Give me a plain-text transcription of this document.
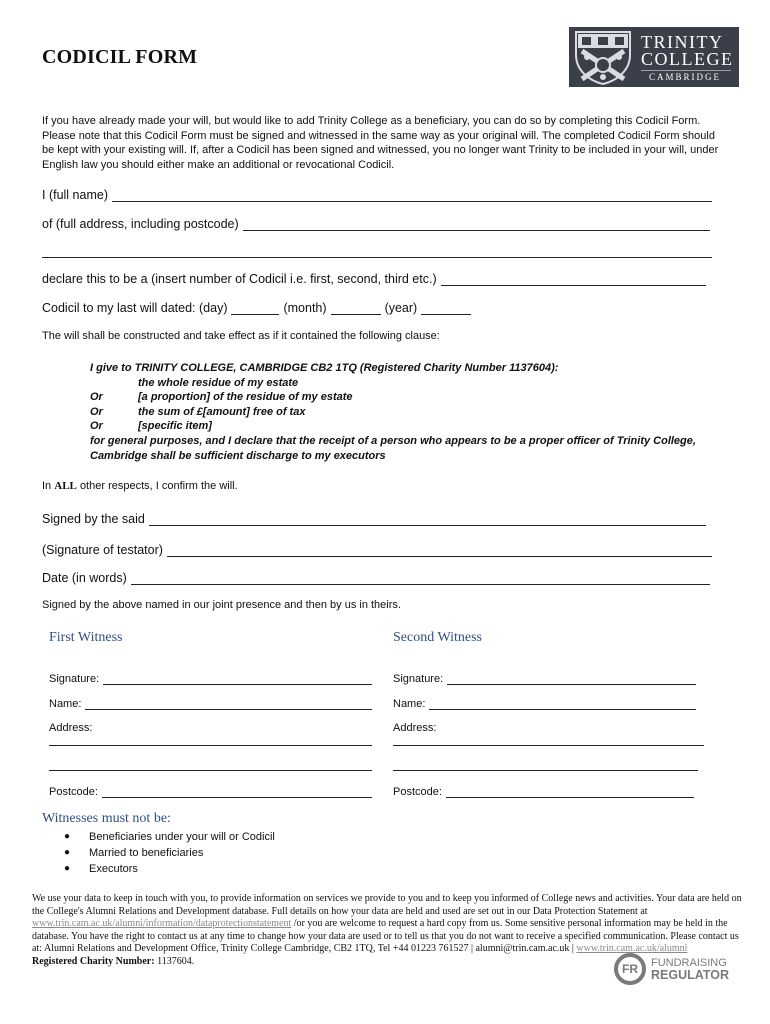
CODICIL FORM
TRINITY
COLLEGE
CAMBRIDGE
If you have already made your will, but would like to add Trinity College as a beneficiary, you can do so by completing this Codicil Form. Please note that this Codicil Form must be signed and witnessed in the same way as your original will. The completed Codicil Form should be kept with your existing will. If, after a Codicil has been signed and witnessed, you no longer want Trinity to be included in your will, under English law you should either make an additional or revocational Codicil.
I (full name)
of (full address, including postcode)
declare this to be a (insert number of Codicil i.e. first, second, third etc.)
Codicil to my last will dated: (day)	(month)	(year)
The will shall be constructed and take effect as if it contained the following clause:
I give to TRINITY COLLEGE, CAMBRIDGE CB2 1TQ (Registered Charity Number 1137604):
the whole residue of my estate
Or	[a proportion] of the residue of my estate
Or	the sum of £[amount] free of tax
Or	[specific item]
for general purposes, and I declare that the receipt of a person who appears to be a proper officer of Trinity College, Cambridge shall be sufficient discharge to my executors
In ALL other respects, I confirm the will.
Signed by the said
(Signature of testator)
Date (in words)
Signed by the above named in our joint presence and then by us in theirs.
First Witness
Signature:
Name:
Address:
Postcode:
Second Witness
Signature:
Name:
Address:
Postcode:
Witnesses must not be:
●	Beneficiaries under your will or Codicil
●	Married to beneficiaries
●	Executors
We use your data to keep in touch with you, to provide information on services we provide to you and to keep you informed of College news and activities. Your data are held on the College's Alumni Relations and Development database. Full details on how your data are held and used are set out in our Data Protection Statement at www.trin.cam.ac.uk/alumni/information/dataprotectionstatement /or you are welcome to request a hard copy from us. Some sensitive personal information may be held in the database. You have the right to contact us at any time to change how your data are used or to tell us that you do not want to receive a specified communication. Please contact us at: Alumni Relations and Development Office, Trinity College Cambridge, CB2 1TQ, Tel +44 01223 761527 | alumni@trin.cam.ac.uk | www.trin.cam.ac.uk/alumni
Registered Charity Number: 1137604.
FR	FUNDRAISING
REGULATOR
